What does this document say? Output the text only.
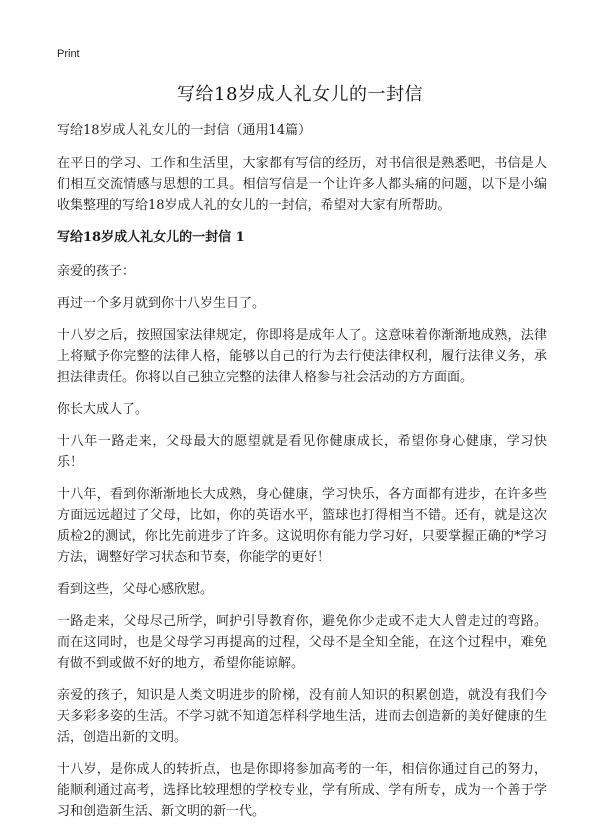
Print
写给18岁成人礼女儿的一封信

写给18岁成人礼女儿的一封信（通用14篇）

在平日的学习、工作和生活里，大家都有写信的经历，对书信很是熟悉吧，书信是人们相互交流情感与思想的工具。相信写信是一个让许多人都头痛的问题，以下是小编收集整理的写给18岁成人礼的女儿的一封信，希望对大家有所帮助。

写给18岁成人礼女儿的一封信 1

亲爱的孩子：

再过一个多月就到你十八岁生日了。

十八岁之后，按照国家法律规定，你即将是成年人了。这意味着你渐渐地成熟，法律上将赋予你完整的法律人格，能够以自己的行为去行使法律权利，履行法律义务，承担法律责任。你将以自己独立完整的法律人格参与社会活动的方方面面。

你长大成人了。

十八年一路走来，父母最大的愿望就是看见你健康成长，希望你身心健康，学习快乐！

十八年，看到你渐渐地长大成熟，身心健康，学习快乐，各方面都有进步，在许多些方面远远超过了父母，比如，你的英语水平，篮球也打得相当不错。还有，就是这次质检2的测试，你比先前进步了许多。这说明你有能力学习好，只要掌握正确的*学习方法，调整好学习状态和节奏，你能学的更好！

看到这些，父母心感欣慰。

一路走来，父母尽己所学，呵护引导教育你，避免你少走或不走大人曾走过的弯路。而在这同时，也是父母学习再提高的过程，父母不是全知全能，在这个过程中，难免有做不到或做不好的地方，希望你能谅解。

亲爱的孩子，知识是人类文明进步的阶梯，没有前人知识的积累创造，就没有我们今天多彩多姿的生活。不学习就不知道怎样科学地生活，进而去创造新的美好健康的生活，创造出新的文明。

十八岁，是你成人的转折点，也是你即将参加高考的一年，相信你通过自己的努力，能顺利通过高考，选择比较理想的学校专业，学有所成、学有所专，成为一个善于学习和创造新生活、新文明的新一代。
